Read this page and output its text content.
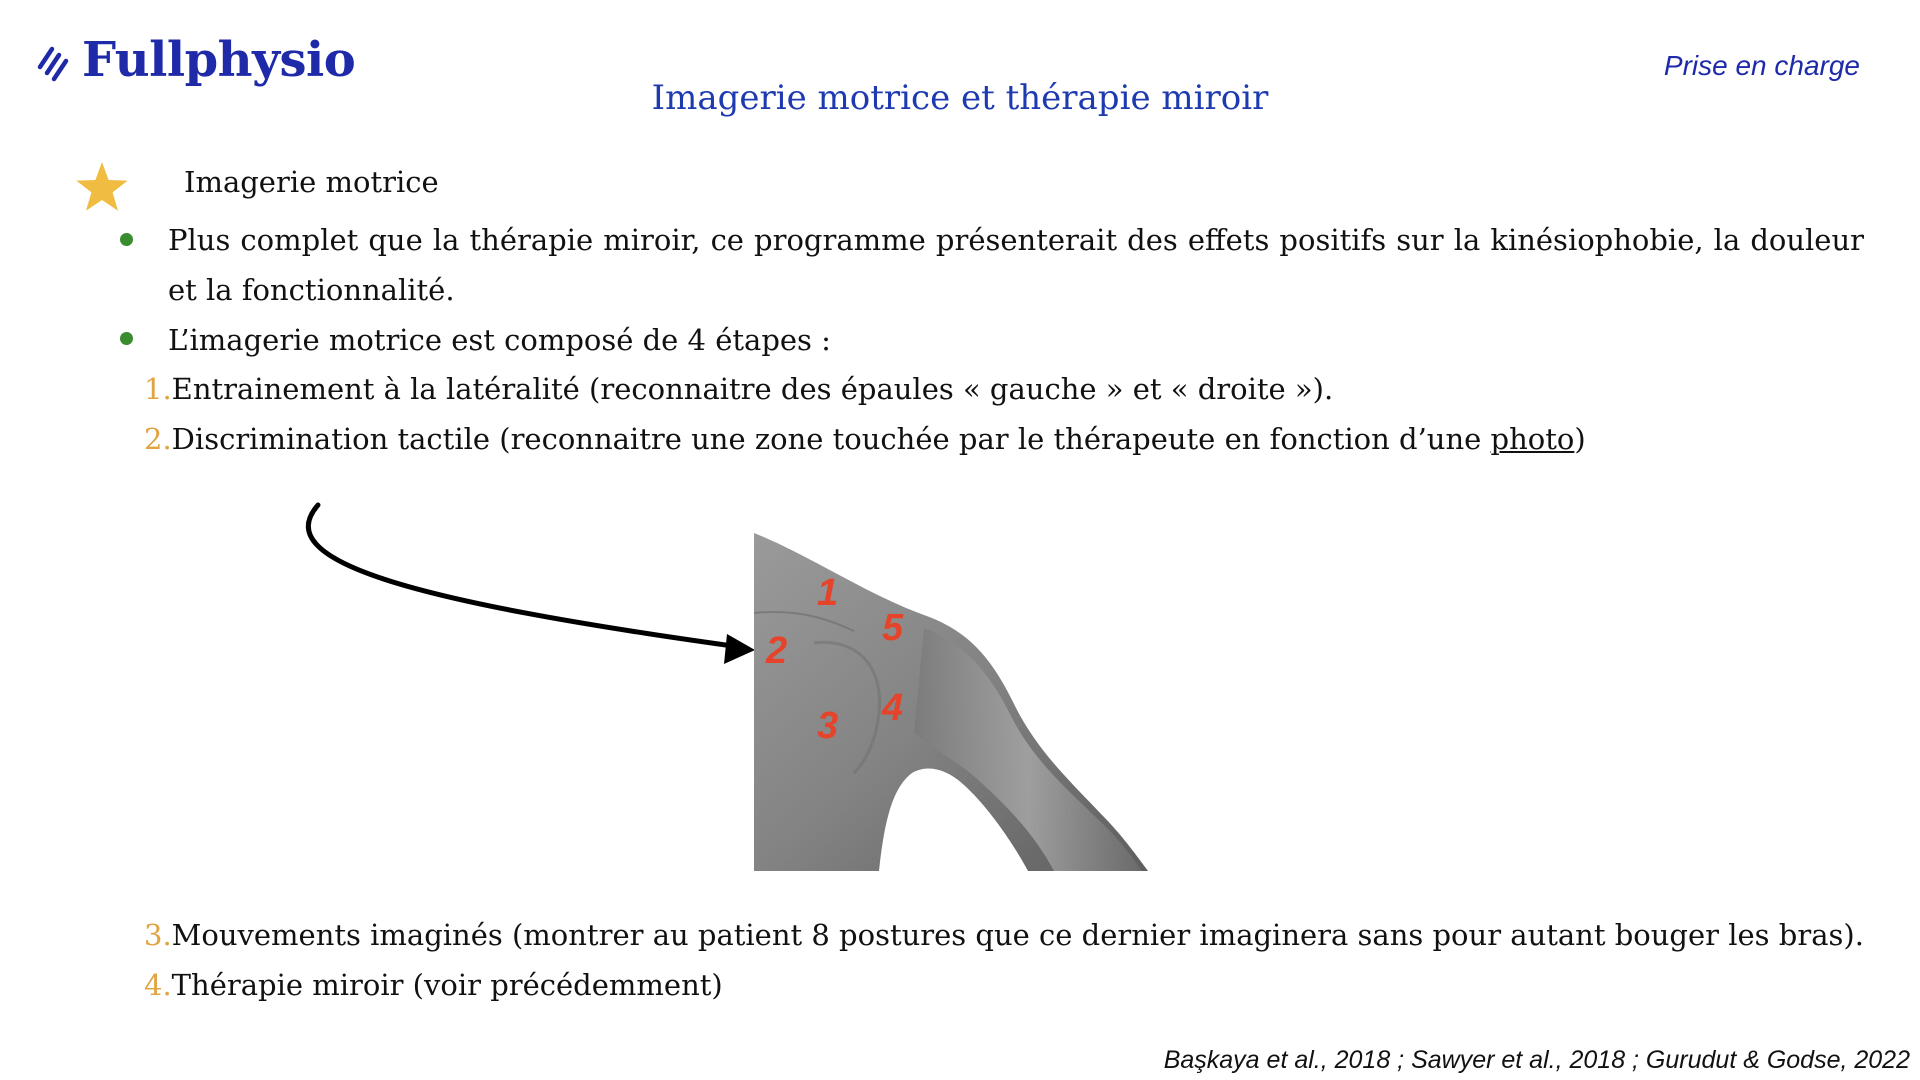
Fullphysio	Prise en charge
Imagerie motrice et thérapie miroir
Imagerie motrice
Plus complet que la thérapie miroir, ce programme présenterait des effets positifs sur la kinésiophobie, la douleur et la fonctionnalité.
L’imagerie motrice est composé de 4 étapes :
1.Entrainement à la latéralité (reconnaitre des épaules « gauche » et « droite »).
2.Discrimination tactile (reconnaitre une zone touchée par le thérapeute en fonction d’une photo)
1
2
3 4
5
3.Mouvements imaginés (montrer au patient 8 postures que ce dernier imaginera sans pour autant bouger les bras).
4.Thérapie miroir (voir précédemment)
Başkaya et al., 2018 ; Sawyer et al., 2018 ; Gurudut & Godse, 2022
